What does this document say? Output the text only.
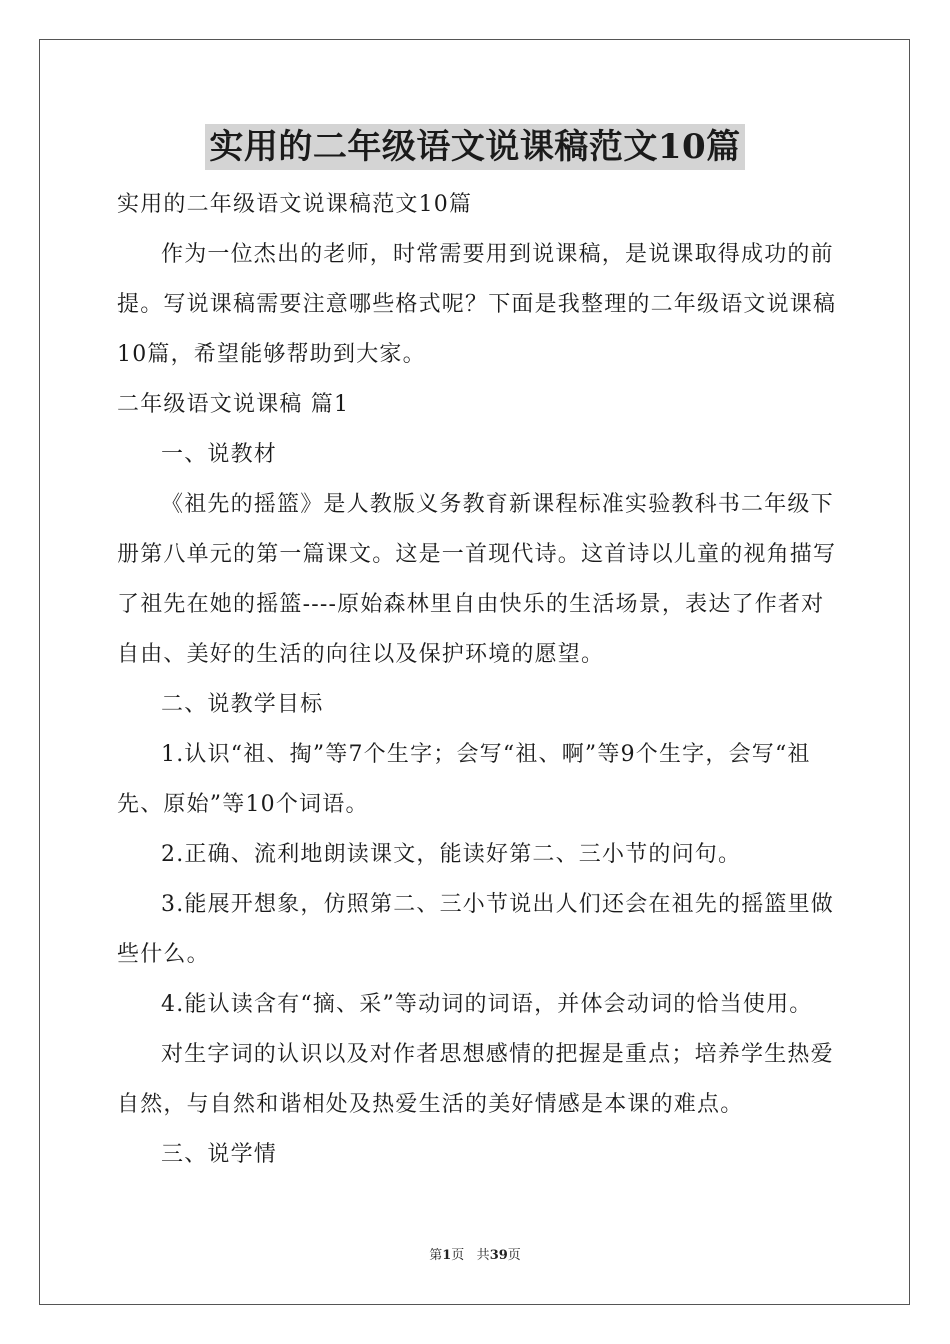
实用的二年级语文说课稿范文10篇

实用的二年级语文说课稿范文10篇

作为一位杰出的老师，时常需要用到说课稿，是说课取得成功的前提。写说课稿需要注意哪些格式呢？下面是我整理的二年级语文说课稿10篇，希望能够帮助到大家。

二年级语文说课稿 篇1

一、说教材

《祖先的摇篮》是人教版义务教育新课程标准实验教科书二年级下册第八单元的第一篇课文。这是一首现代诗。这首诗以儿童的视角描写了祖先在她的摇篮----原始森林里自由快乐的生活场景，表达了作者对自由、美好的生活的向往以及保护环境的愿望。

二、说教学目标

1.认识“祖、掏”等7个生字；会写“祖、啊”等9个生字，会写“祖先、原始”等10个词语。

2.正确、流利地朗读课文，能读好第二、三小节的问句。

3.能展开想象，仿照第二、三小节说出人们还会在祖先的摇篮里做些什么。

4.能认读含有“摘、采”等动词的词语，并体会动词的恰当使用。

对生字词的认识以及对作者思想感情的把握是重点；培养学生热爱自然，与自然和谐相处及热爱生活的美好情感是本课的难点。

三、说学情

第1页 共39页
